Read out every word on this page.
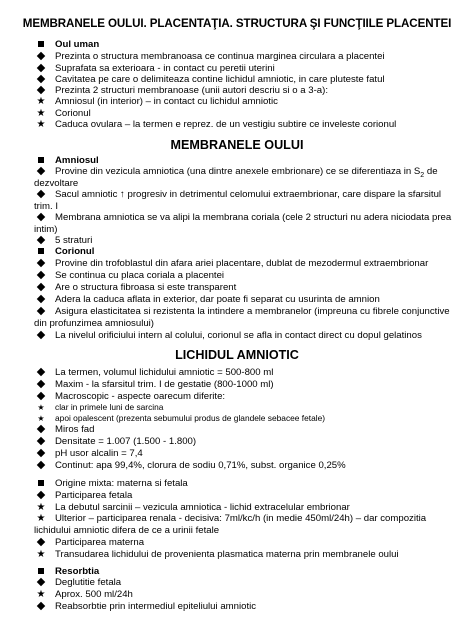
MEMBRANELE OULUI. PLACENTAŢIA. STRUCTURA ŞI FUNCŢIILE PLACENTEI
Oul uman
Prezinta o structura membranoasa ce continua marginea circulara a placentei
Suprafata sa exterioara - in contact cu peretii uterini
Cavitatea pe care o delimiteaza contine lichidul amniotic, in care pluteste fatul
Prezinta 2 structuri membranoase (unii autori descriu si o a 3-a):
★ Amniosul (in interior) – in contact cu lichidul amniotic
★ Corionul
★ Caduca ovulara – la termen e reprez. de un vestigiu subtire ce inveleste corionul
MEMBRANELE OULUI
Amniosul
Provine din vezicula amniotica (una dintre anexele embrionare) ce se diferentiaza in $S_2$ de
dezvoltare
Sacul amniotic ↑ progresiv in detrimentul celomului extraembrionar, care dispare la sfarsitul
trim. I
Membrana amniotica se va alipi la membrana coriala (cele 2 structuri nu adera niciodata prea
intim)
5 straturi
Corionul
Provine din trofoblastul din afara ariei placentare, dublat de mezodermul extraembrionar
Se continua cu placa coriala a placentei
Are o structura fibroasa si este transparent
Adera la caduca aflata in exterior, dar poate fi separat cu usurinta de amnion
Asigura elasticitatea si rezistenta la intindere a membranelor (impreuna cu fibrele conjunctive
din profunzimea amniosului)
La nivelul orificiului intern al colului, corionul se afla in contact direct cu dopul gelatinos
LICHIDUL AMNIOTIC
La termen, volumul lichidului amniotic = 500-800 ml
Maxim - la sfarsitul trim. I de gestatie (800-1000 ml)
Macroscopic - aspecte oarecum diferite:
★	clar in primele luni de sarcina
★	apoi opalescent (prezenta sebumului produs de glandele sebacee fetale)
Miros fad
Densitate = 1.007 (1.500 - 1.800)
pH usor alcalin = 7,4
Continut: apa 99,4%, clorura de sodiu 0,71%, subst. organice 0,25%
Origine mixta: materna si fetala
Participarea fetala
★ La debutul sarcinii – vezicula amniotica - lichid extracelular embrionar
★ Ulterior – participarea renala - decisiva: 7ml/kc/h (in medie 450ml/24h) – dar compozitia
lichidului amniotic difera de ce a urinii fetale
Participarea materna
★ Transudarea lichidului de provenienta plasmatica materna prin membranele oului
Resorbtia
Deglutitie fetala
★ Aprox. 500 ml/24h
Reabsorbtie prin intermediul epiteliului amniotic
